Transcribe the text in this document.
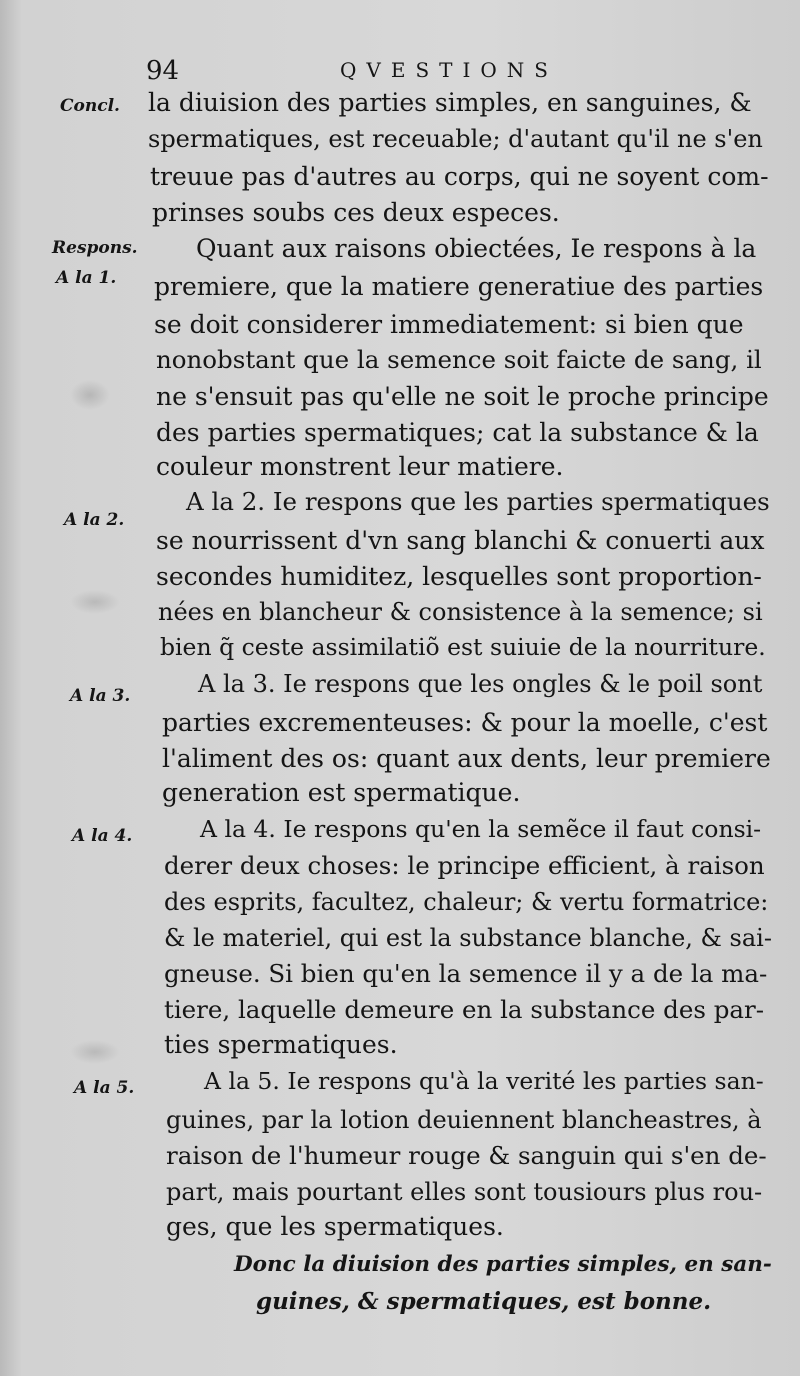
94	QVESTIONS
Concl.
Respons.
A la 1.
A la 2.
A la 3.
A la 4.
A la 5.
la diuision des parties simples, en sanguines, &
spermatiques, est receuable; d'autant qu'il ne s'en
treuue pas d'autres au corps, qui ne soyent com-
prinses soubs ces deux especes.
Quant aux raisons obiectées, Ie respons à la
premiere, que la matiere generatiue des parties
se doit considerer immediatement: si bien que
nonobstant que la semence soit faicte de sang, il
ne s'ensuit pas qu'elle ne soit le proche principe
des parties spermatiques; cat la substance & la
couleur monstrent leur matiere.
A la 2. Ie respons que les parties spermatiques
se nourrissent d'vn sang blanchi & conuerti aux
secondes humiditez, lesquelles sont proportion-
nées en blancheur & consistence à la semence; si
bien q̃ ceste assimilatiõ est suiuie de la nourriture.
A la 3. Ie respons que les ongles & le poil sont
parties excrementeuses: & pour la moelle, c'est
l'aliment des os: quant aux dents, leur premiere
generation est spermatique.
A la 4. Ie respons qu'en la semẽce il faut consi-
derer deux choses: le principe efficient, à raison
des esprits, facultez, chaleur; & vertu formatrice:
& le materiel, qui est la substance blanche, & sai-
gneuse. Si bien qu'en la semence il y a de la ma-
tiere, laquelle demeure en la substance des par-
ties spermatiques.
A la 5. Ie respons qu'à la verité les parties san-
guines, par la lotion deuiennent blancheastres, à
raison de l'humeur rouge & sanguin qui s'en de-
part, mais pourtant elles sont tousiours plus rou-
ges, que les spermatiques.
Donc la diuision des parties simples, en san-
guines, & spermatiques, est bonne.
